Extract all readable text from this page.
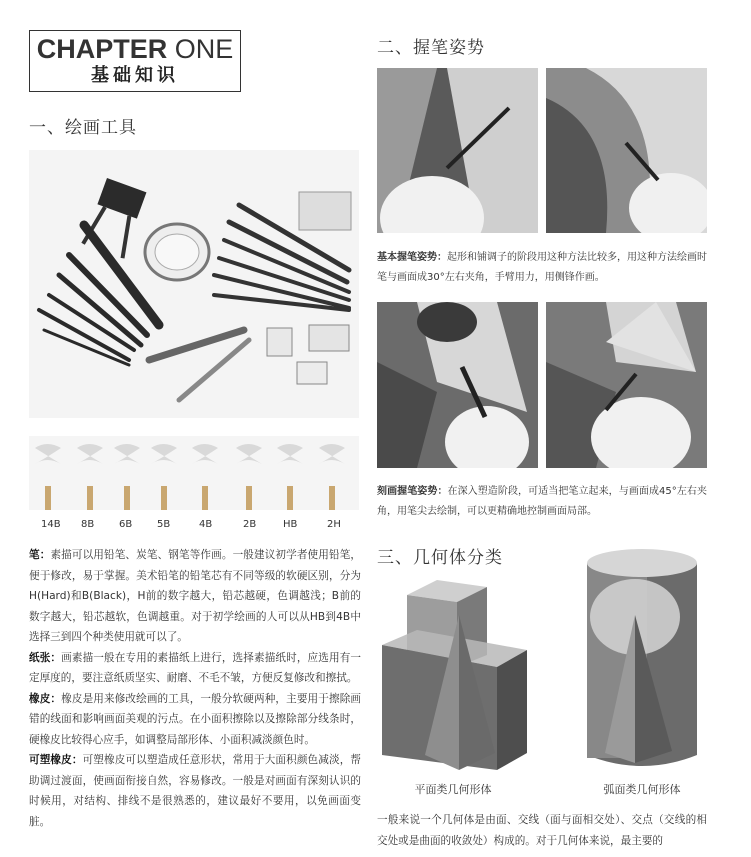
CHAPTER ONE
基础知识
一、绘画工具
14B 8B 6B 5B	4B	2B	HB	2H
笔：素描可以用铅笔、炭笔、钢笔等作画。一般建议初学者使用铅笔，便于修改，易于掌握。美术铅笔的铅笔芯有不同等级的软硬区别，分为H(Hard)和B(Black)，H前的数字越大，铅芯越硬，色调越浅；B前的数字越大，铅芯越软，色调越重。对于初学绘画的人可以从HB到4B中选择三到四个种类使用就可以了。
纸张：画素描一般在专用的素描纸上进行，选择素描纸时，应选用有一定厚度的，要注意纸质坚实、耐磨、不毛不皱，方便反复修改和擦拭。
橡皮：橡皮是用来修改绘画的工具，一般分软硬两种，主要用于擦除画错的线面和影响画面美观的污点。在小面积擦除以及擦除部分线条时，硬橡皮比较得心应手，如调整局部形体、小面积减淡颜色时。
可塑橡皮：可塑橡皮可以塑造成任意形状，常用于大面积颜色减淡，帮助调过渡面，使画面衔接自然，容易修改。一般是对画面有深刻认识的时候用，对结构、排线不是很熟悉的，建议最好不要用，以免画面变脏。
二、握笔姿势
基本握笔姿势：起形和铺调子的阶段用这种方法比较多，用这种方法绘画时笔与画面成30°左右夹角，手臂用力，用侧锋作画。
刻画握笔姿势：在深入塑造阶段，可适当把笔立起来，与画面成45°左右夹角，用笔尖去绘制，可以更精确地控制画面局部。
三、几何体分类
平面类几何形体	弧面类几何形体
一般来说一个几何体是由面、交线（面与面相交处）、交点（交线的相交处或是曲面的收敛处）构成的。对于几何体来说，最主要的
